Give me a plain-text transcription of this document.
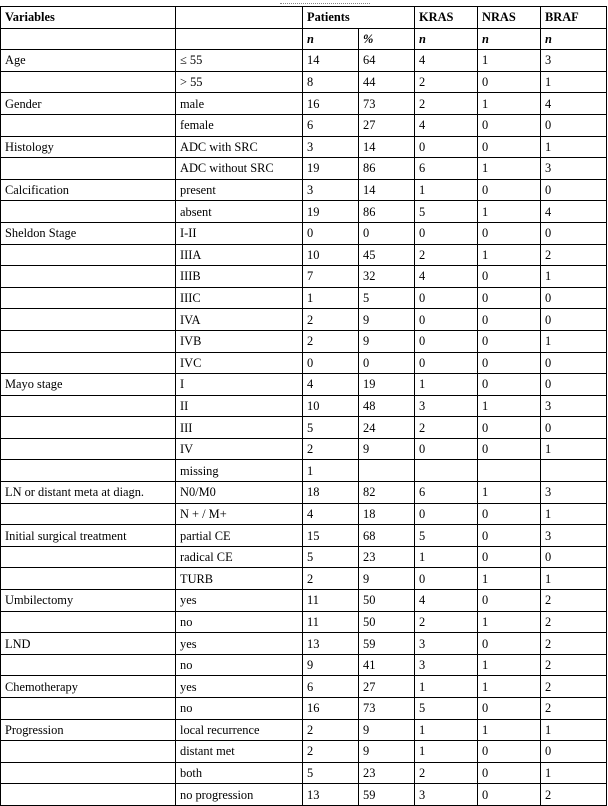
Variables		Patients		KRAS	NRAS	BRAF
		n	%	n	n	n
Age	≤ 55	14	64	4	1	3
	> 55	8	44	2	0	1
Gender	male	16	73	2	1	4
	female	6	27	4	0	0
Histology	ADC with SRC	3	14	0	0	1
	ADC without SRC	19	86	6	1	3
Calcification	present	3	14	1	0	0
	absent	19	86	5	1	4
Sheldon Stage	I-II	0	0	0	0	0
	IIIA	10	45	2	1	2
	IIIB	7	32	4	0	1
	IIIC	1	5	0	0	0
	IVA	2	9	0	0	0
	IVB	2	9	0	0	1
	IVC	0	0	0	0	0
Mayo stage	I	4	19	1	0	0
	II	10	48	3	1	3
	III	5	24	2	0	0
	IV	2	9	0	0	1
	missing	1				
LN or distant meta at diagn.	N0/M0	18	82	6	1	3
	N + / M+	4	18	0	0	1
Initial surgical treatment	partial CE	15	68	5	0	3
	radical CE	5	23	1	0	0
	TURB	2	9	0	1	1
Umbilectomy	yes	11	50	4	0	2
	no	11	50	2	1	2
LND	yes	13	59	3	0	2
	no	9	41	3	1	2
Chemotherapy	yes	6	27	1	1	2
	no	16	73	5	0	2
Progression	local recurrence	2	9	1	1	1
	distant met	2	9	1	0	0
	both	5	23	2	0	1
	no progression	13	59	3	0	2
